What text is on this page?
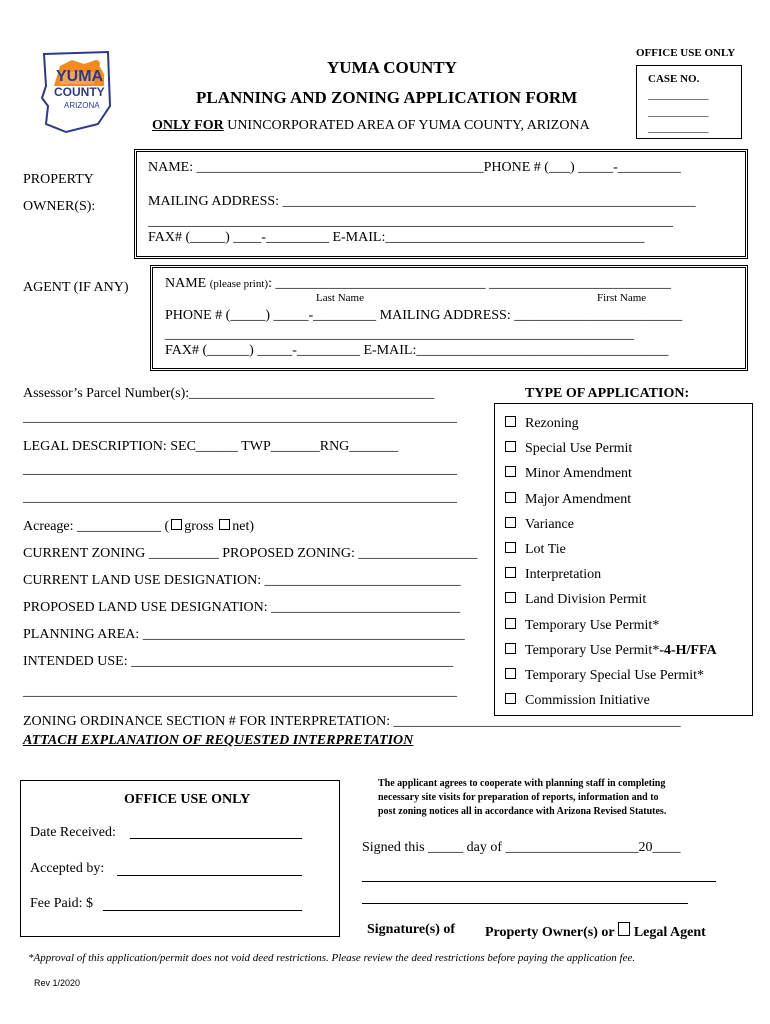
YUMA
COUNTY
ARIZONA
YUMA COUNTY
PLANNING AND ZONING APPLICATION FORM
ONLY FOR UNINCORPORATED AREA OF YUMA COUNTY, ARIZONA
OFFICE USE ONLY
CASE NO.
___________
___________
___________
PROPERTY
OWNER(S):
NAME: _________________________________________PHONE # (___) _____-_________
MAILING ADDRESS: ___________________________________________________________
___________________________________________________________________________
FAX# (_____) ____-_________ E-MAIL:_____________________________________
AGENT (IF ANY)	NAME (please print): ______________________________ __________________________
Last Name	First Name
PHONE # (_____) _____-_________ MAILING ADDRESS: ________________________
___________________________________________________________________
FAX# (______) _____-_________ E-MAIL:____________________________________
Assessor’s Parcel Number(s):___________________________________
______________________________________________________________
LEGAL DESCRIPTION: SEC______ TWP_______RNG_______
______________________________________________________________
______________________________________________________________
Acreage: ____________ ( gross net)
CURRENT ZONING __________ PROPOSED ZONING: _________________
CURRENT LAND USE DESIGNATION: ____________________________
PROPOSED LAND USE DESIGNATION: ___________________________
PLANNING AREA: ______________________________________________
INTENDED USE: ______________________________________________
______________________________________________________________
TYPE OF APPLICATION:
Rezoning
Special Use Permit
Minor Amendment
Major Amendment
Variance
Lot Tie
Interpretation
Land Division Permit
Temporary Use Permit*
Temporary Use Permit*-4-H/FFA
Temporary Special Use Permit*
Commission Initiative
ZONING ORDINANCE SECTION # FOR INTERPRETATION: _________________________________________
ATTACH EXPLANATION OF REQUESTED INTERPRETATION
OFFICE USE ONLY
Date Received:
Accepted by:
Fee Paid: $
The applicant agrees to cooperate with planning staff in completing
necessary site visits for preparation of reports, information and to
post zoning notices all in accordance with Arizona Revised Statutes.
Signed this _____ day of ___________________20____
Signature(s) of Property Owner(s) or Legal Agent
*Approval of this application/permit does not void deed restrictions. Please review the deed restrictions before paying the application fee.
Rev 1/2020
